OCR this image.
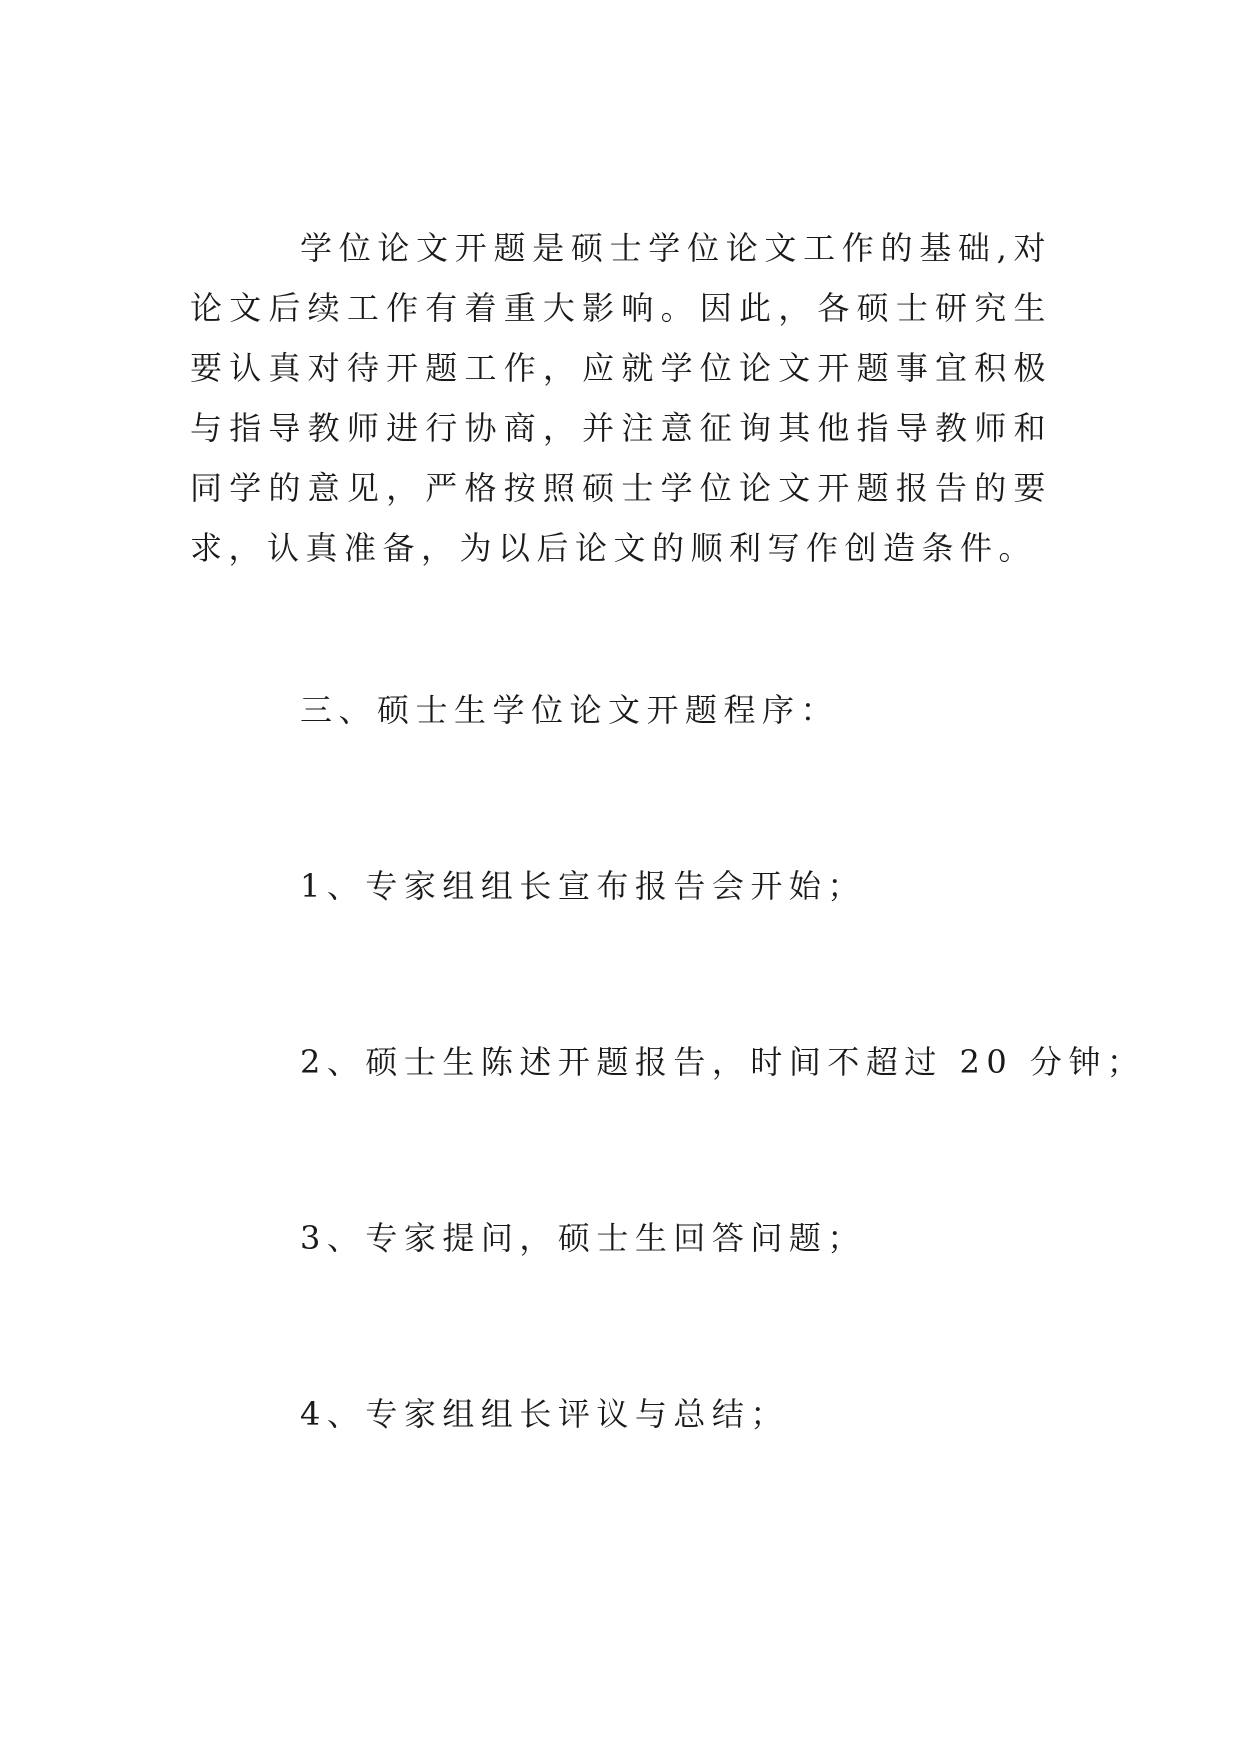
学位论文开题是硕士学位论文工作的基础,对论文后续工作有着重大影响。因此，各硕士研究生要认真对待开题工作，应就学位论文开题事宜积极与指导教师进行协商，并注意征询其他指导教师和同学的意见，严格按照硕士学位论文开题报告的要求，认真准备，为以后论文的顺利写作创造条件。

三、硕士生学位论文开题程序：

1、专家组组长宣布报告会开始；

2、硕士生陈述开题报告，时间不超过 20 分钟；

3、专家提问，硕士生回答问题；

4、专家组组长评议与总结；
